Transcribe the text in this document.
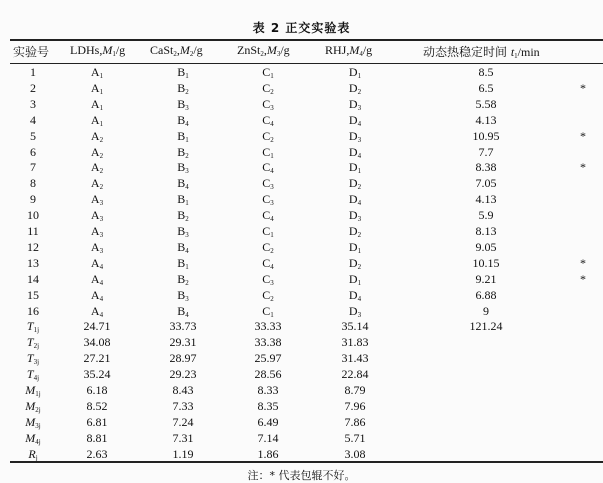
表 2 正交实验表
实验号 $LDHs,M_1/g$ $CaSt_2,M_2/g$	$ZnSt_2,M_3/g$	$RHJ,M_4/g$	动态热稳定时间 $t_1/\min$
1	$A_1$	$B_1$	$C_1$	$D_1$	8.5
2	$A_1$	$B_2$	$C_2$	$D_2$	6.5	*
3	$A_1$	$B_3$	$C_3$	$D_3$	5.58
4	$A_1$	$B_4$	$C_4$	$D_4$	4.13
5	$A_2$	$B_1$	$C_2$	$D_3$	10.95	*
6	$A_2$	$B_2$	$C_1$	$D_4$	7.7
7	$A_2$	$B_3$	$C_4$	$D_1$	8.38	*
8	$A_2$	$B_4$	$C_3$	$D_2$	7.05
9	$A_3$	$B_1$	$C_3$	$D_4$	4.13
10	$A_3$	$B_2$	$C_4$	$D_3$	5.9
11	$A_3$	$B_3$	$C_1$	$D_2$	8.13
12	$A_3$	$B_4$	$C_2$	$D_1$	9.05
13	$A_4$	$B_1$	$C_4$	$D_2$	10.15	*
14	$A_4$	$B_2$	$C_3$	$D_1$	9.21	*
15	$A_4$	$B_3$	$C_2$	$D_4$	6.88
16	$A_4$	$B_4$	$C_1$	$D_3$	9
$T_{1j}$	24.71	33.73	33.33	35.14	121.24
$T_{2j}$	34.08	29.31	33.38	31.83
$T_{3j}$	27.21	28.97	25.97	31.43
$T_{4j}$	35.24	29.23	28.56	22.84
$M_{1j}$	6.18	8.43	8.33	8.79
$M_{2j}$	8.52	7.33	8.35	7.96
$M_{3j}$	6.81	7.24	6.49	7.86
$M_{4j}$	8.81	7.31	7.14	5.71
$R_j$	2.63	1.19	1.86	3.08
注：* 代表包辊不好。
